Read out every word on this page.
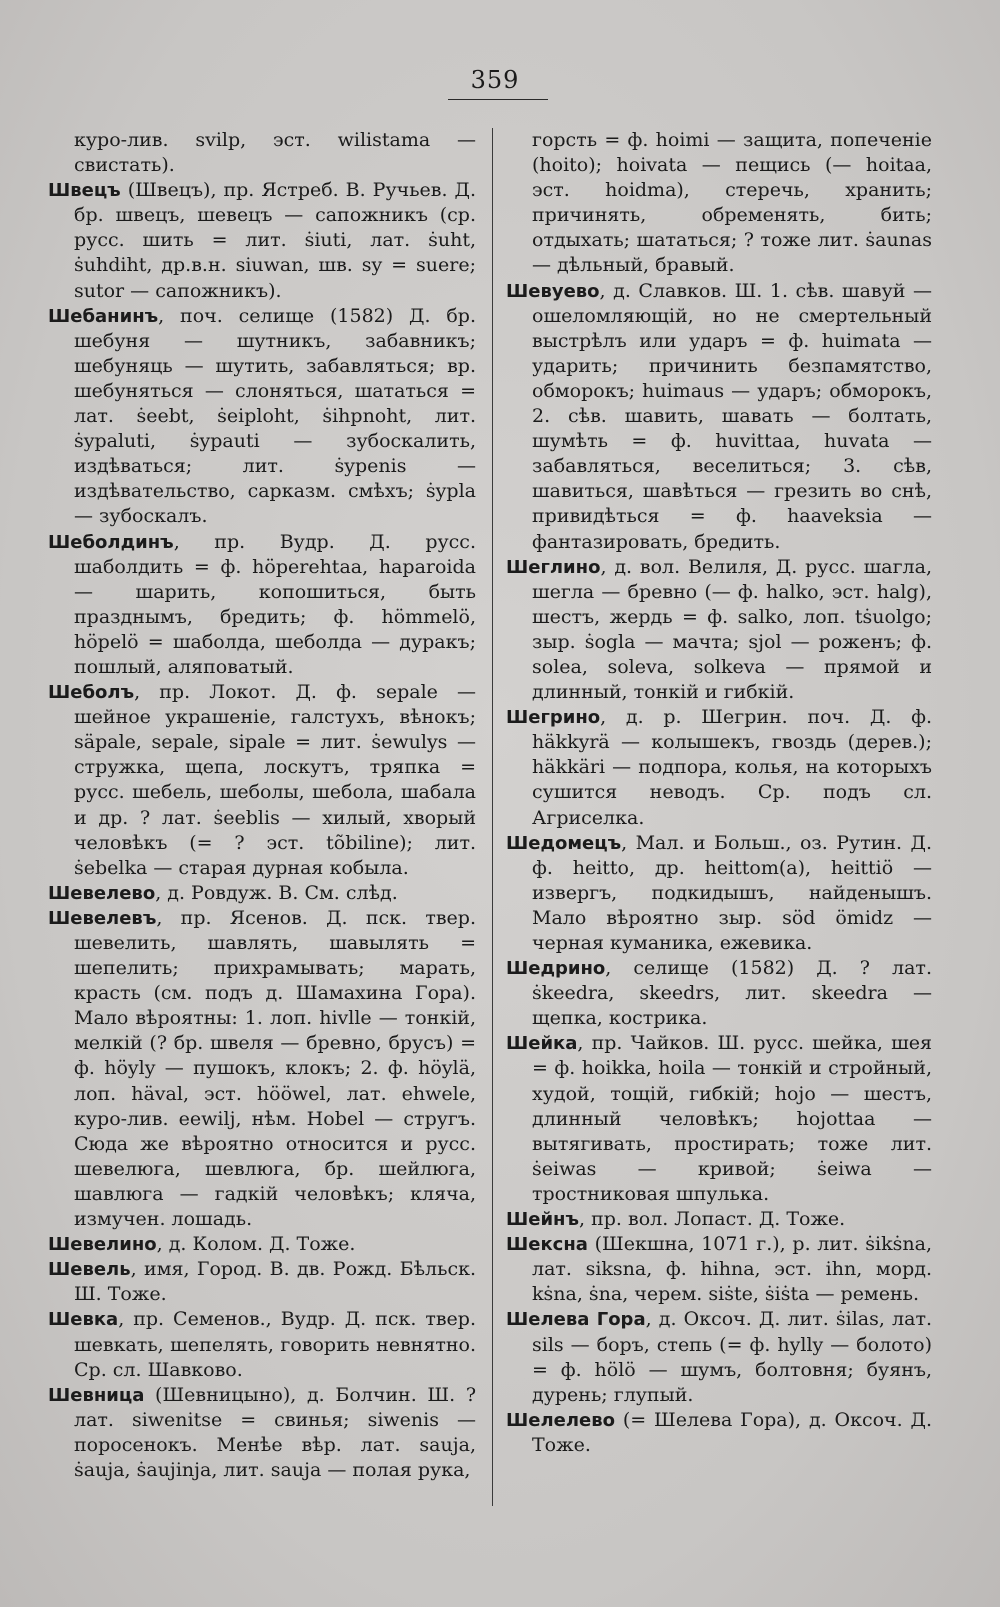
359
куро-лив. svilp, эст. wilistama — свистать).
Швецъ (Швецъ), пр. Ястреб. В. Ручьев. Д. бр. швецъ, шевецъ — сапожникъ (ср. русс. шить = лит. ṡiuti, лат. ṡuht, ṡuhdiht, др.в.н. siuwan, шв. sy = suere; sutor — сапожникъ).
Шебанинъ, поч. селище (1582) Д. бр. шебуня — шутникъ, забавникъ; шебуняць — шутить, забавляться; вр. шебуняться — слоняться, шататься = лат. ṡeebt, ṡeiploht, ṡihpnoht, лит. ṡypaluti, ṡypauti — зубоскалить, издѣваться; лит. ṡypenis — издѣвательство, сарказм. смѣхъ; ṡypla — зубоскалъ.
Шеболдинъ, пр. Вудр. Д. русс. шаболдить = ф. höperehtaa, haparoida — шарить, копошиться, быть празднымъ, бредить; ф. hömmelö, höpelö = шаболда, шеболда — дуракъ; пошлый, аляповатый.
Шеболъ, пр. Локот. Д. ф. sepale — шейное украшеніе, галстухъ, вѣнокъ; säpale, sepale, sipale = лит. ṡewulys — стружка, щепа, лоскутъ, тряпка = русс. шебель, шеболы, шебола, шабала и др. ? лат. ṡeeblis — хилый, хворый человѣкъ (= ? эст. tõbiline); лит. ṡebelka — старая дурная кобыла.
Шевелево, д. Ровдуж. В. См. слѣд.
Шевелевъ, пр. Ясенов. Д. пск. твер. шевелить, шавлять, шавылять = шепелить; прихрамывать; марать, красть (см. подъ д. Шамахина Гора). Мало вѣроятны: 1. лоп. hivlle — тонкій, мелкій (? бр. швеля — бревно, брусъ) = ф. höyly — пушокъ, клокъ; 2. ф. höylä, лоп. häval, эст. hööwel, лат. ehwele, куро-лив. eewilj, нѣм. Hobel — стругъ. Сюда же вѣроятно относится и русс. шевелюга, шевлюга, бр. шейлюга, шавлюга — гадкій человѣкъ; кляча, измучен. лошадь.
Шевелино, д. Колом. Д. Тоже.
Шевель, имя, Город. В. дв. Рожд. Бѣльск. Ш. Тоже.
Шевка, пр. Семенов., Вудр. Д. пск. твер. шевкать, шепелять, говорить невнятно. Ср. сл. Шавково.
Шевница (Шевницыно), д. Болчин. Ш. ? лат. siwenitse = свинья; siwenis — поросенокъ. Менѣе вѣр. лат. sauja, ṡauja, ṡaujinja, лит. sauja — полая рука,
горсть = ф. hoimi — защита, попеченіе (hoito); hoivata — пещись (— hoitaa, эст. hoidma), стеречь, хранить; причинять, обременять, бить; отдыхать; шататься; ? тоже лит. ṡaunas — дѣльный, бравый.
Шевуево, д. Славков. Ш. 1. сѣв. шавуй — ошеломляющій, но не смертельный выстрѣлъ или ударъ = ф. huimata — ударить; причинить безпамятство, обморокъ; huimaus — ударъ; обморокъ, 2. сѣв. шавить, шавать — болтать, шумѣть = ф. huvittaa, huvata — забавляться, веселиться; 3. сѣв, шавиться, шавѣться — грезить во снѣ, привидѣться = ф. haaveksia — фантазировать, бредить.
Шеглино, д. вол. Велиля, Д. русс. шагла, шегла — бревно (— ф. halko, эст. halg), шестъ, жердь = ф. salko, лоп. tṡuolgo; зыр. ṡogla — мачта; sjol — роженъ; ф. solea, soleva, solkeva — прямой и длинный, тонкій и гибкій.
Шегрино, д. р. Шегрин. поч. Д. ф. häkkyrä — колышекъ, гвоздь (дерев.); häkkäri — подпора, колья, на которыхъ сушится неводъ. Ср. подъ сл. Агриселка.
Шедомецъ, Мал. и Больш., оз. Рутин. Д. ф. heitto, др. heittom(a), heittiö — извергъ, подкидышъ, найденышъ. Мало вѣроятно зыр. söd ömidz — черная куманика, ежевика.
Шедрино, селище (1582) Д. ? лат. ṡkeedra, skeedrs, лит. skeedra — щепка, кострика.
Шейка, пр. Чайков. Ш. русс. шейка, шея = ф. hoikka, hoila — тонкій и стройный, худой, тощій, гибкій; hojo — шестъ, длинный человѣкъ; hojottaa — вытягивать, простирать; тоже лит. ṡeiwas — кривой; ṡeiwa — тростниковая шпулька.
Шейнъ, пр. вол. Лопаст. Д. Тоже.
Шексна (Шекшна, 1071 г.), р. лит. ṡikṡna, лат. siksna, ф. hihna, эст. ihn, морд. kṡna, ṡna, черем. siṡte, ṡiṡta — ремень.
Шелева Гора, д. Оксоч. Д. лит. ṡilas, лат. sils — боръ, степь (= ф. hylly — болото) = ф. hölö — шумъ, болтовня; буянъ, дурень; глупый.
Шелелево (= Шелева Гора), д. Оксоч. Д. Тоже.
